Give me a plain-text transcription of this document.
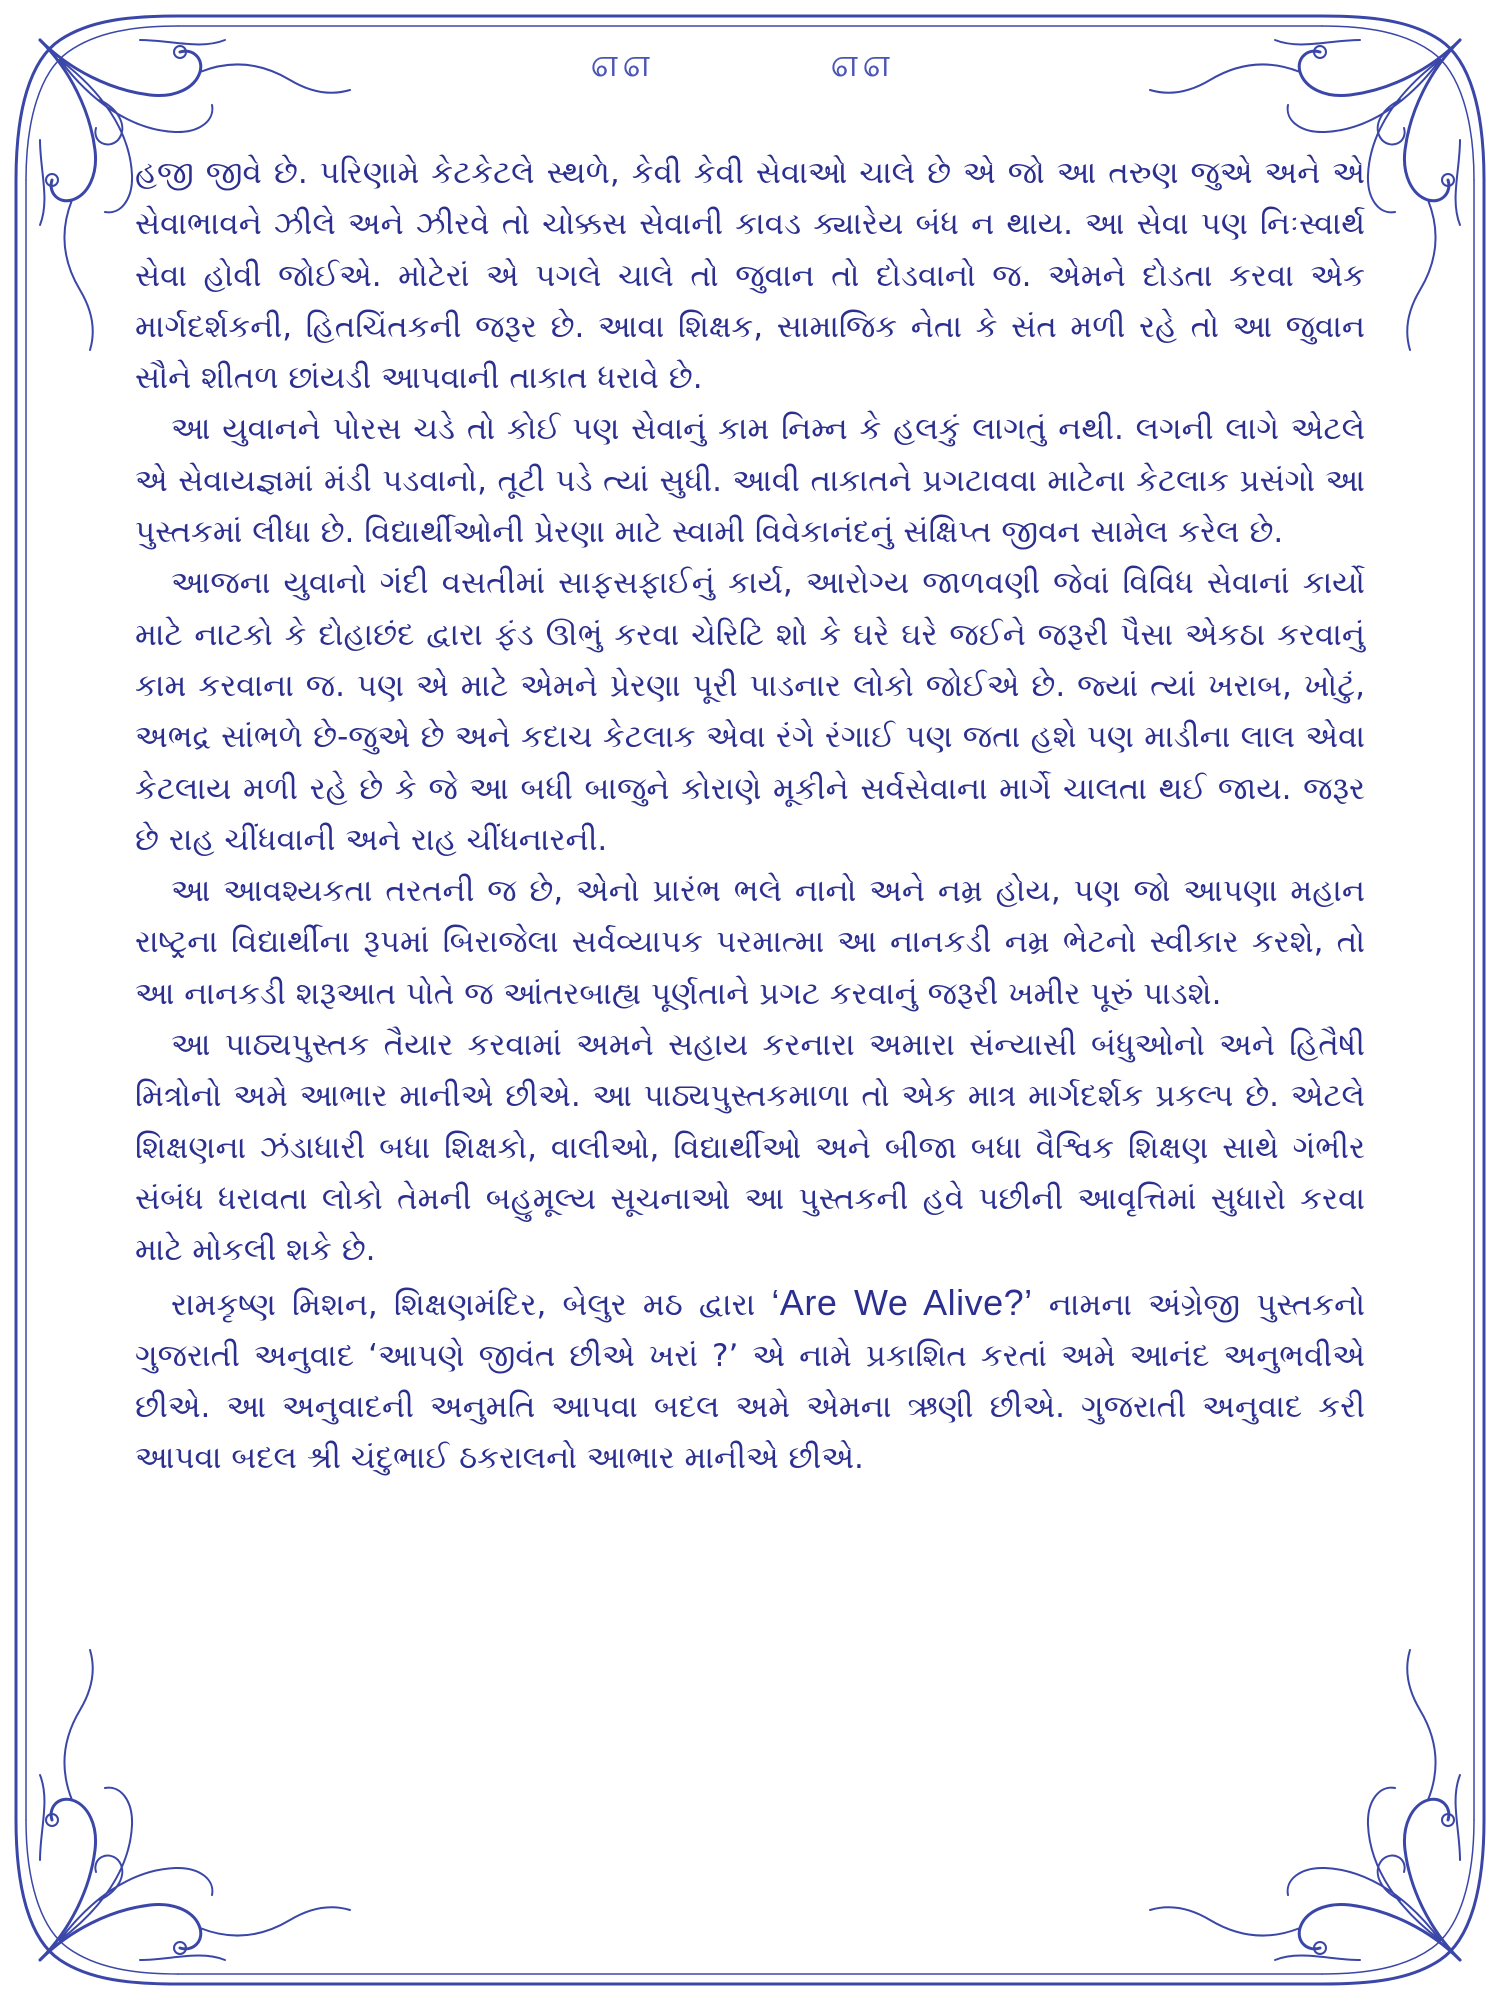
௭௭	௭௭

હજી જીવે છે. પરિણામે કેટકેટલે સ્થળે, કેવી કેવી સેવાઓ ચાલે છે એ જો આ તરુણ જુએ અને એ સેવાભાવને ઝીલે અને ઝીરવે તો ચોક્કસ સેવાની કાવડ ક્યારેય બંધ ન થાય. આ સેવા પણ નિઃસ્વાર્થ સેવા હોવી જોઈએ. મોટેરાં એ પગલે ચાલે તો જુવાન તો દોડવાનો જ. એમને દોડતા કરવા એક માર્ગદર્શકની, હિતચિંતકની જરૂર છે. આવા શિક્ષક, સામાજિક નેતા કે સંત મળી રહે તો આ જુવાન સૌને શીતળ છાંયડી આપવાની તાકાત ધરાવે છે.

આ યુવાનને પોરસ ચડે તો કોઈ પણ સેવાનું કામ નિમ્ન કે હલકું લાગતું નથી. લગની લાગે એટલે એ સેવાયજ્ઞમાં મંડી પડવાનો, તૂટી પડે ત્યાં સુધી. આવી તાકાતને પ્રગટાવવા માટેના કેટલાક પ્રસંગો આ પુસ્તકમાં લીધા છે. વિદ્યાર્થીઓની પ્રેરણા માટે સ્વામી વિવેકાનંદનું સંક્ષિપ્ત જીવન સામેલ કરેલ છે.

આજના યુવાનો ગંદી વસતીમાં સાફસફાઈનું કાર્ય, આરોગ્ય જાળવણી જેવાં વિવિધ સેવાનાં કાર્યો માટે નાટકો કે દોહાછંદ દ્વારા ફંડ ઊભું કરવા ચેરિટિ શો કે ઘરે ઘરે જઈને જરૂરી પૈસા એકઠા કરવાનું કામ કરવાના જ. પણ એ માટે એમને પ્રેરણા પૂરી પાડનાર લોકો જોઈએ છે. જ્યાં ત્યાં ખરાબ, ખોટું, અભદ્ર સાંભળે છે-જુએ છે અને કદાચ કેટલાક એવા રંગે રંગાઈ પણ જતા હશે પણ માડીના લાલ એવા કેટલાય મળી રહે છે કે જે આ બધી બાજુને કોરાણે મૂકીને સર્વસેવાના માર્ગે ચાલતા થઈ જાય. જરૂર છે રાહ ચીંધવાની અને રાહ ચીંધનારની.

આ આવશ્યકતા તરતની જ છે, એનો પ્રારંભ ભલે નાનો અને નમ્ર હોય, પણ જો આપણા મહાન રાષ્ટ્રના વિદ્યાર્થીના રૂપમાં બિરાજેલા સર્વવ્યાપક પરમાત્મા આ નાનકડી નમ્ર ભેટનો સ્વીકાર કરશે, તો આ નાનકડી શરૂઆત પોતે જ આંતરબાહ્ય પૂર્ણતાને પ્રગટ કરવાનું જરૂરી ખમીર પૂરું પાડશે.

આ પાઠ્યપુસ્તક તૈયાર કરવામાં અમને સહાય કરનારા અમારા સંન્યાસી બંધુઓનો અને હિતૈષી મિત્રોનો અમે આભાર માનીએ છીએ. આ પાઠ્યપુસ્તકમાળા તો એક માત્ર માર્ગદર્શક પ્રકલ્પ છે. એટલે શિક્ષણના ઝંડાધારી બધા શિક્ષકો, વાલીઓ, વિદ્યાર્થીઓ અને બીજા બધા વૈશ્વિક શિક્ષણ સાથે ગંભીર સંબંધ ધરાવતા લોકો તેમની બહુમૂલ્ય સૂચનાઓ આ પુસ્તકની હવે પછીની આવૃત્તિમાં સુધારો કરવા માટે મોકલી શકે છે.

રામકૃષ્ણ મિશન, શિક્ષણમંદિર, બેલુર મઠ દ્વારા ‘Are We Alive?’ નામના અંગ્રેજી પુસ્તકનો ગુજરાતી અનુવાદ ‘આપણે જીવંત છીએ ખરાં ?’ એ નામે પ્રકાશિત કરતાં અમે આનંદ અનુભવીએ છીએ. આ અનુવાદની અનુમતિ આપવા બદલ અમે એમના ઋણી છીએ. ગુજરાતી અનુવાદ કરી આપવા બદલ શ્રી ચંદુભાઈ ઠકરાલનો આભાર માનીએ છીએ.
